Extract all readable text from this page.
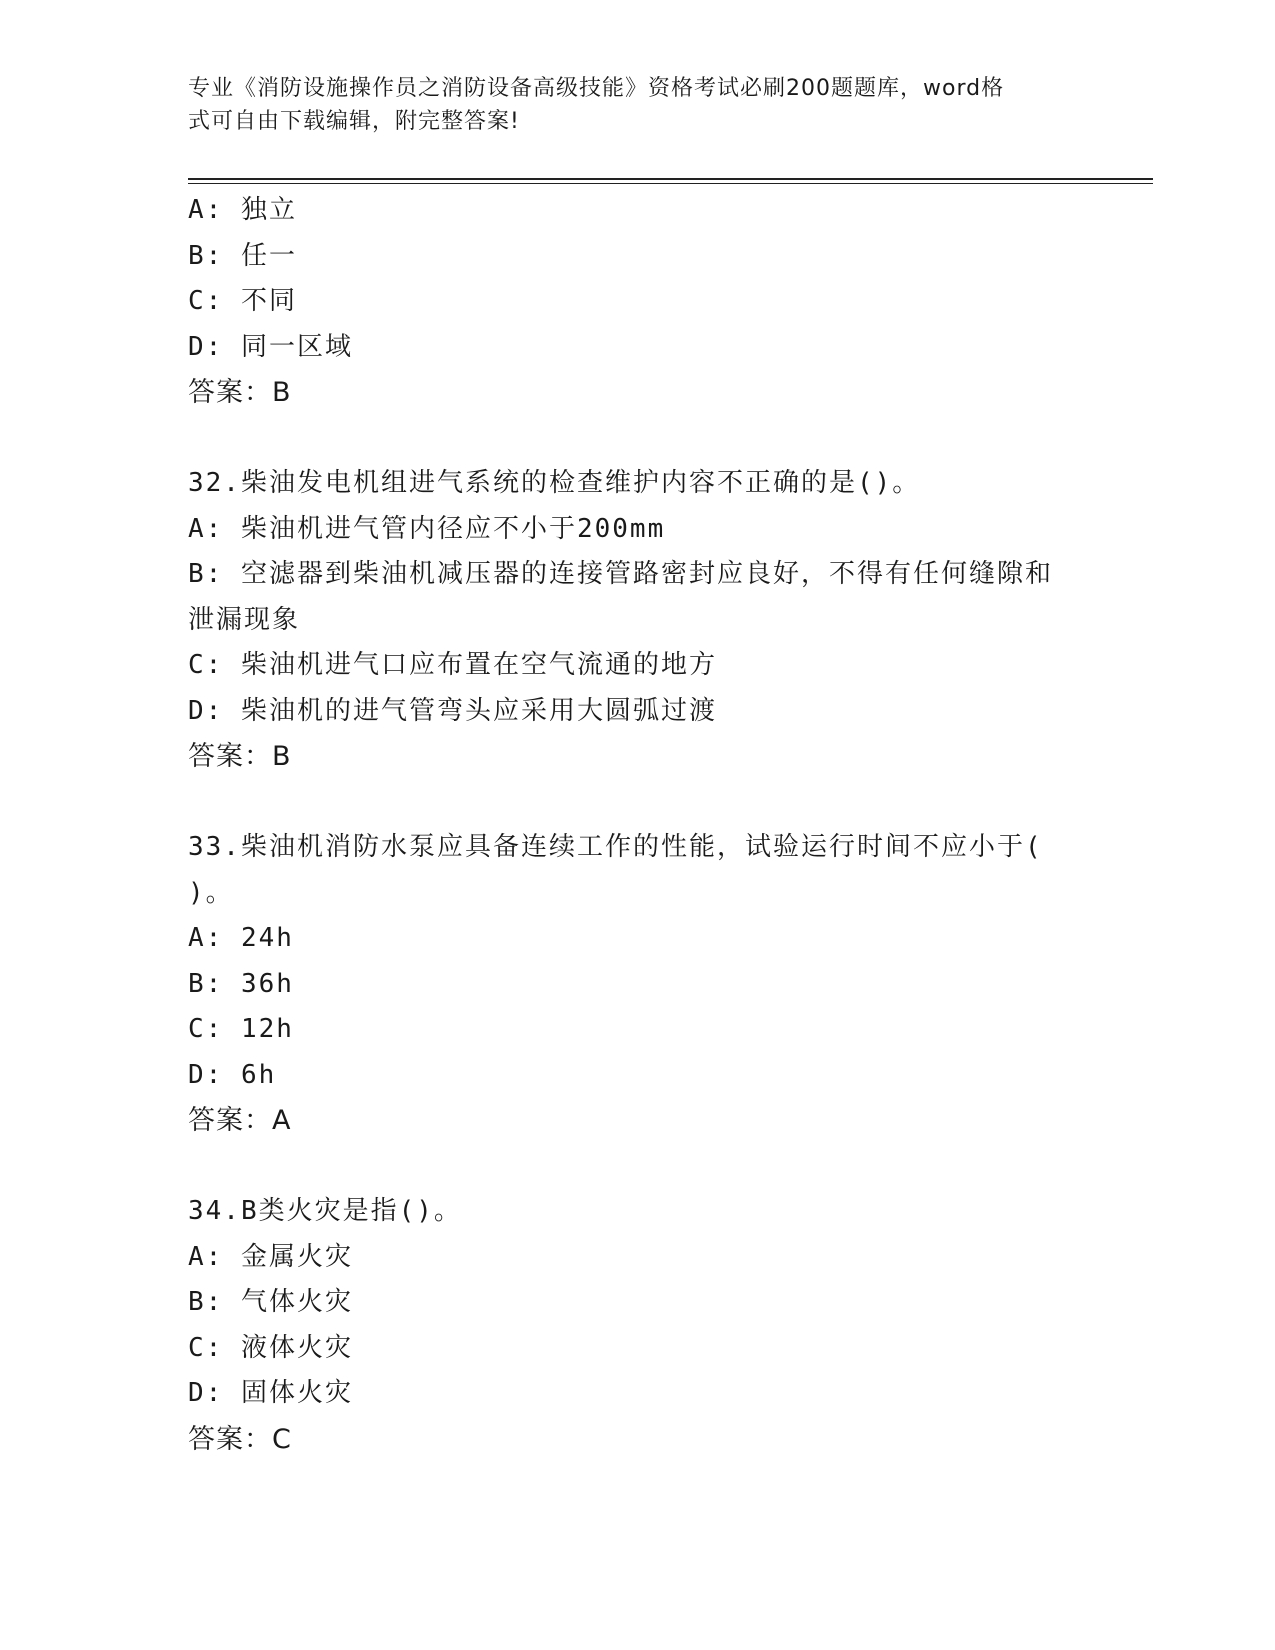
专业《消防设施操作员之消防设备高级技能》资格考试必刷200题题库，word格
式可自由下载编辑，附完整答案!
A: 独立
B: 任一
C: 不同
D: 同一区域
答案：B
32.柴油发电机组进气系统的检查维护内容不正确的是()。
A: 柴油机进气管内径应不小于200mm
B: 空滤器到柴油机减压器的连接管路密封应良好，不得有任何缝隙和
泄漏现象
C: 柴油机进气口应布置在空气流通的地方
D: 柴油机的进气管弯头应采用大圆弧过渡
答案：B
33.柴油机消防水泵应具备连续工作的性能，试验运行时间不应小于(
)。
A: 24h
B: 36h
C: 12h
D: 6h
答案：A
34.B类火灾是指()。
A: 金属火灾
B: 气体火灾
C: 液体火灾
D: 固体火灾
答案：C
